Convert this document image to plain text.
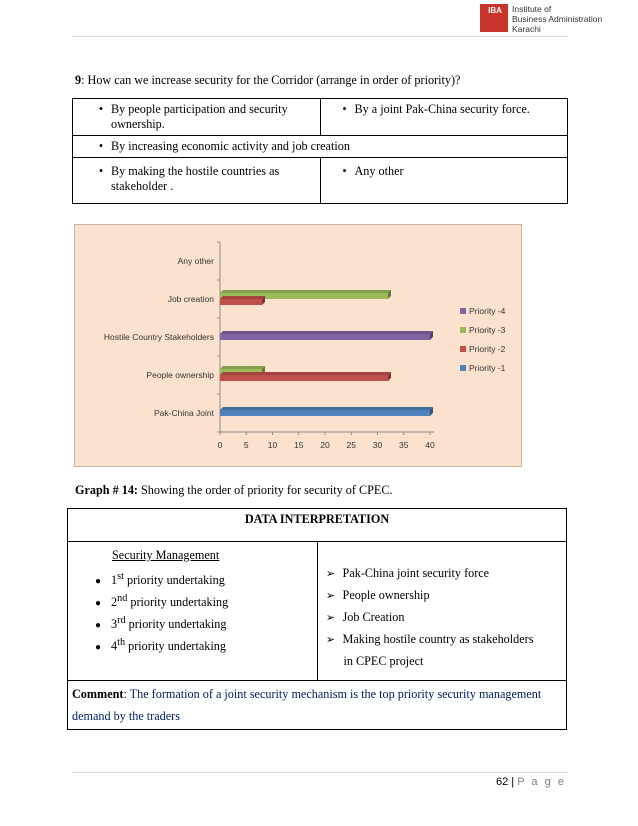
IBA	Institute of
Business Administration
Karachi
9: How can we increase security for the Corridor (arrange in order of priority)?
• By people participation and security
ownership.	• By a joint Pak-China security force.
• By increasing economic activity and job creation	
• By making the hostile countries as
stakeholder .	• Any other
Pak-China Joint
People ownership
Hostile Country Stakeholders
Job creation
Any other
0	5 10 15 20 25 30 35 40
Priority -4
Priority -3
Priority -2
Priority -1
Graph # 14: Showing the order of priority for security of CPEC.
DATA INTERPRETATION

Security Management
● 1st priority undertaking
● 2nd priority undertaking
● 3rd priority undertaking
● 4th priority undertaking

➢ Pak-China joint security force
➢ People ownership
➢ Job Creation
➢ Making hostile country as stakeholders
in CPEC project

Comment: The formation of a joint security mechanism is the top priority security management demand by the traders
62 | P a g e
